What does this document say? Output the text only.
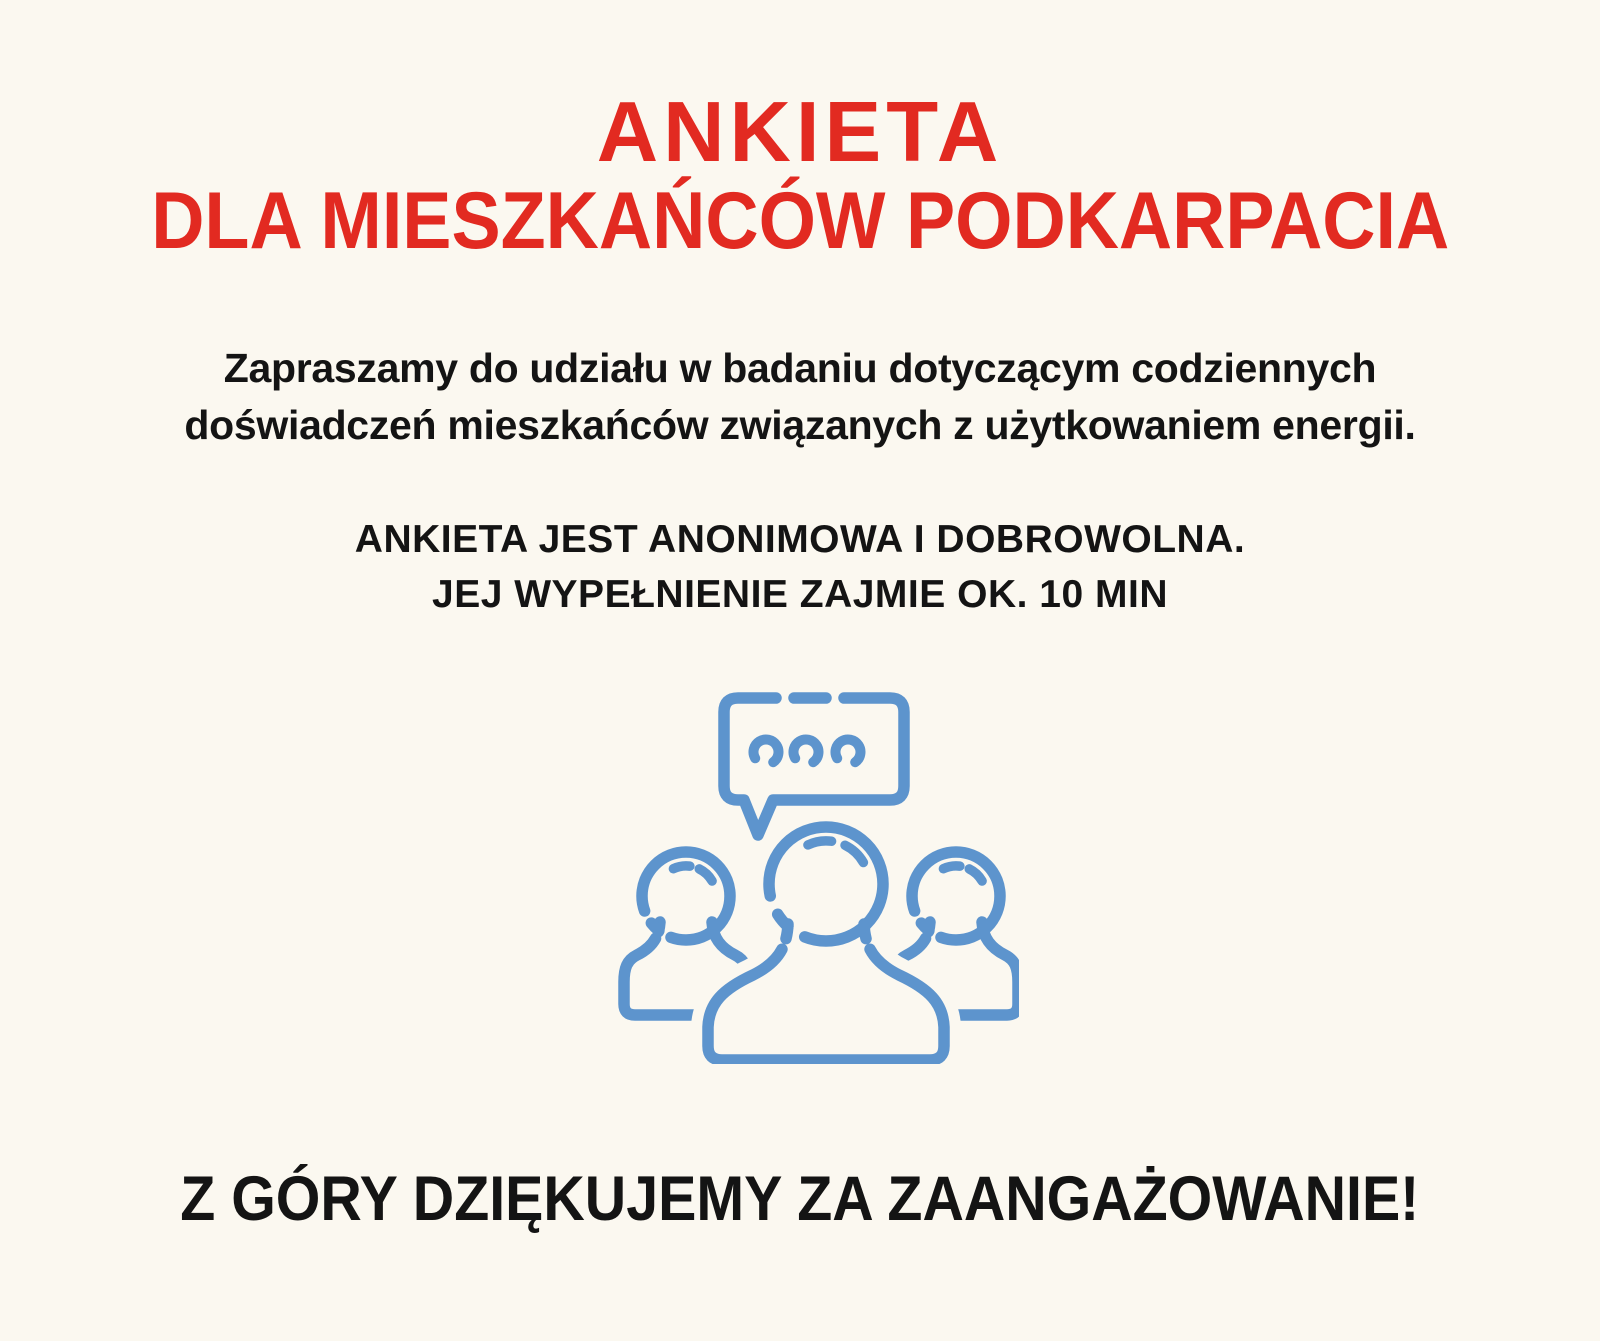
ANKIETA
DLA MIESZKAŃCÓW PODKARPACIA
Zapraszamy do udziału w badaniu dotyczącym codziennych
doświadczeń mieszkańców związanych z użytkowaniem energii.
ANKIETA JEST ANONIMOWA I DOBROWOLNA.
JEJ WYPEŁNIENIE ZAJMIE OK. 10 MIN
Z GÓRY DZIĘKUJEMY ZA ZAANGAŻOWANIE!
